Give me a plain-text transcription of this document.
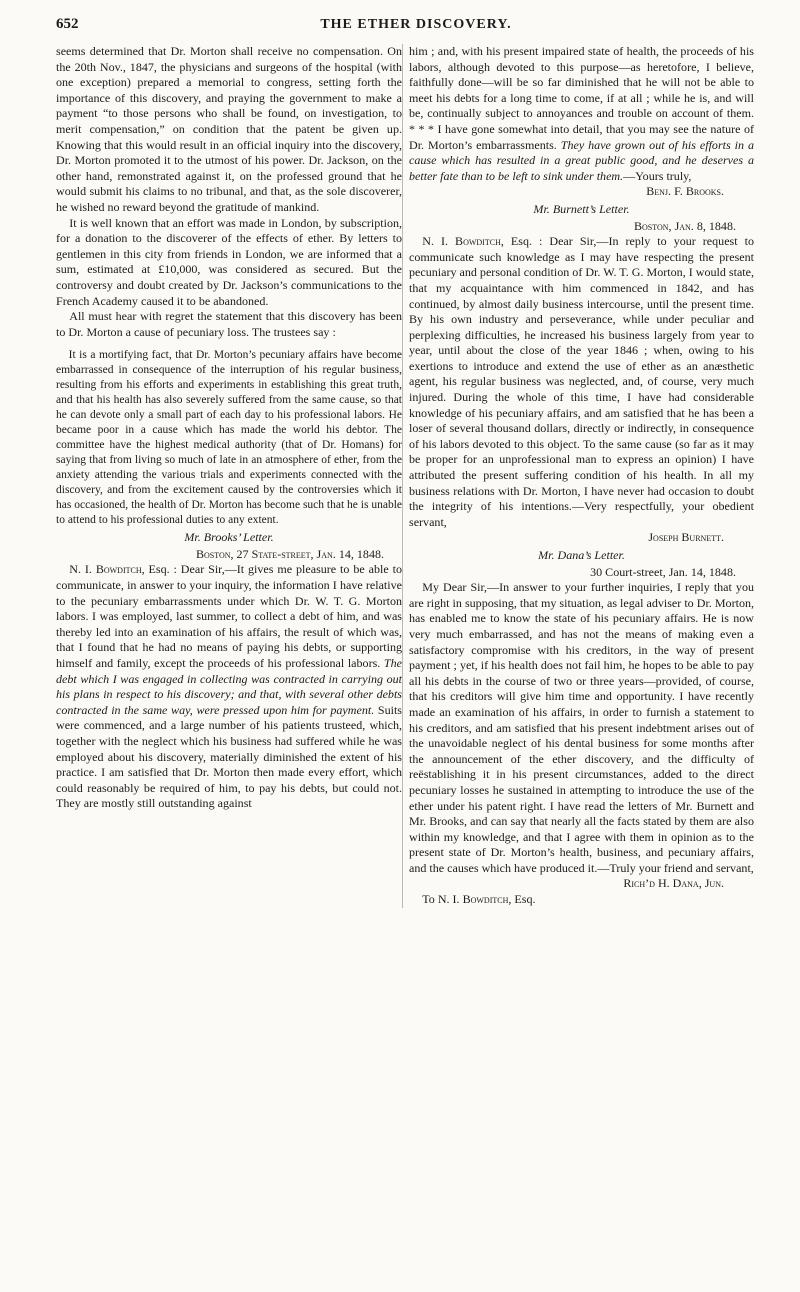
652	THE ETHER DISCOVERY.

seems determined that Dr. Morton shall receive no compensation. On the 20th Nov., 1847, the physicians and surgeons of the hospital (with one exception) prepared a memorial to congress, setting forth the importance of this discovery, and praying the government to make a payment “to those persons who shall be found, on investigation, to merit compensation,” on condition that the patent be given up. Knowing that this would result in an official inquiry into the discovery, Dr. Morton promoted it to the utmost of his power. Dr. Jackson, on the other hand, remonstrated against it, on the professed ground that he would submit his claims to no tribunal, and that, as the sole discoverer, he wished no reward beyond the gratitude of mankind.

It is well known that an effort was made in London, by subscription, for a donation to the discoverer of the effects of ether. By letters to gentlemen in this city from friends in London, we are informed that a sum, estimated at £10,000, was considered as secured. But the controversy and doubt created by Dr. Jackson’s communications to the French Academy caused it to be abandoned.

All must hear with regret the statement that this discovery has been to Dr. Morton a cause of pecuniary loss. The trustees say :

It is a mortifying fact, that Dr. Morton’s pecuniary affairs have become embarrassed in consequence of the interruption of his regular business, resulting from his efforts and experiments in establishing this great truth, and that his health has also severely suffered from the same cause, so that he can devote only a small part of each day to his professional labors. He became poor in a cause which has made the world his debtor. The committee have the highest medical authority (that of Dr. Homans) for saying that from living so much of late in an atmosphere of ether, from the anxiety attending the various trials and experiments connected with the discovery, and from the excitement caused by the controversies which it has occasioned, the health of Dr. Morton has become such that he is unable to attend to his professional duties to any extent.

Mr. Brooks’ Letter.

Boston, 27 State-street, Jan. 14, 1848.

N. I. Bowditch, Esq. : Dear Sir,—It gives me pleasure to be able to communicate, in answer to your inquiry, the information I have relative to the pecuniary embarrassments under which Dr. W. T. G. Morton labors. I was employed, last summer, to collect a debt of him, and was thereby led into an examination of his affairs, the result of which was, that I found that he had no means of paying his debts, or supporting himself and family, except the proceeds of his professional labors. The debt which I was engaged in collecting was contracted in carrying out his plans in respect to his discovery; and that, with several other debts contracted in the same way, were pressed upon him for payment. Suits were commenced, and a large number of his patients trusteed, which, together with the neglect which his business had suffered while he was employed about his discovery, materially diminished the extent of his practice. I am satisfied that Dr. Morton then made every effort, which could reasonably be required of him, to pay his debts, but could not. They are mostly still outstanding against

him ; and, with his present impaired state of health, the proceeds of his labors, although devoted to this purpose—as heretofore, I believe, faithfully done—will be so far diminished that he will not be able to meet his debts for a long time to come, if at all ; while he is, and will be, continually subject to annoyances and trouble on account of them. * * * I have gone somewhat into detail, that you may see the nature of Dr. Morton’s embarrassments. They have grown out of his efforts in a cause which has resulted in a great public good, and he deserves a better fate than to be left to sink under them.—Yours truly,

Benj. F. Brooks.

Mr. Burnett’s Letter.

Boston, Jan. 8, 1848.

N. I. Bowditch, Esq. : Dear Sir,—In reply to your request to communicate such knowledge as I may have respecting the present pecuniary and personal condition of Dr. W. T. G. Morton, I would state, that my acquaintance with him commenced in 1842, and has continued, by almost daily business intercourse, until the present time. By his own industry and perseverance, while under peculiar and perplexing difficulties, he increased his business largely from year to year, until about the close of the year 1846 ; when, owing to his exertions to introduce and extend the use of ether as an anæsthetic agent, his regular business was neglected, and, of course, very much injured. During the whole of this time, I have had considerable knowledge of his pecuniary affairs, and am satisfied that he has been a loser of several thousand dollars, directly or indirectly, in consequence of his labors devoted to this object. To the same cause (so far as it may be proper for an unprofessional man to express an opinion) I have attributed the present suffering condition of his health. In all my business relations with Dr. Morton, I have never had occasion to doubt the integrity of his intentions.—Very respectfully, your obedient servant,

Joseph Burnett.

Mr. Dana’s Letter.

30 Court-street, Jan. 14, 1848.

My Dear Sir,—In answer to your further inquiries, I reply that you are right in supposing, that my situation, as legal adviser to Dr. Morton, has enabled me to know the state of his pecuniary affairs. He is now very much embarrassed, and has not the means of making even a satisfactory compromise with his creditors, in the way of present payment ; yet, if his health does not fail him, he hopes to be able to pay all his debts in the course of two or three years—provided, of course, that his creditors will give him time and opportunity. I have recently made an examination of his affairs, in order to furnish a statement to his creditors, and am satisfied that his present indebtment arises out of the unavoidable neglect of his dental business for some months after the announcement of the ether discovery, and the difficulty of reëstablishing it in his present circumstances, added to the direct pecuniary losses he sustained in attempting to introduce the use of the ether under his patent right. I have read the letters of Mr. Burnett and Mr. Brooks, and can say that nearly all the facts stated by them are also within my knowledge, and that I agree with them in opinion as to the present state of Dr. Morton’s health, business, and pecuniary affairs, and the causes which have produced it.—Truly your friend and servant,

Rich’d H. Dana, Jun.

To N. I. Bowditch, Esq.
